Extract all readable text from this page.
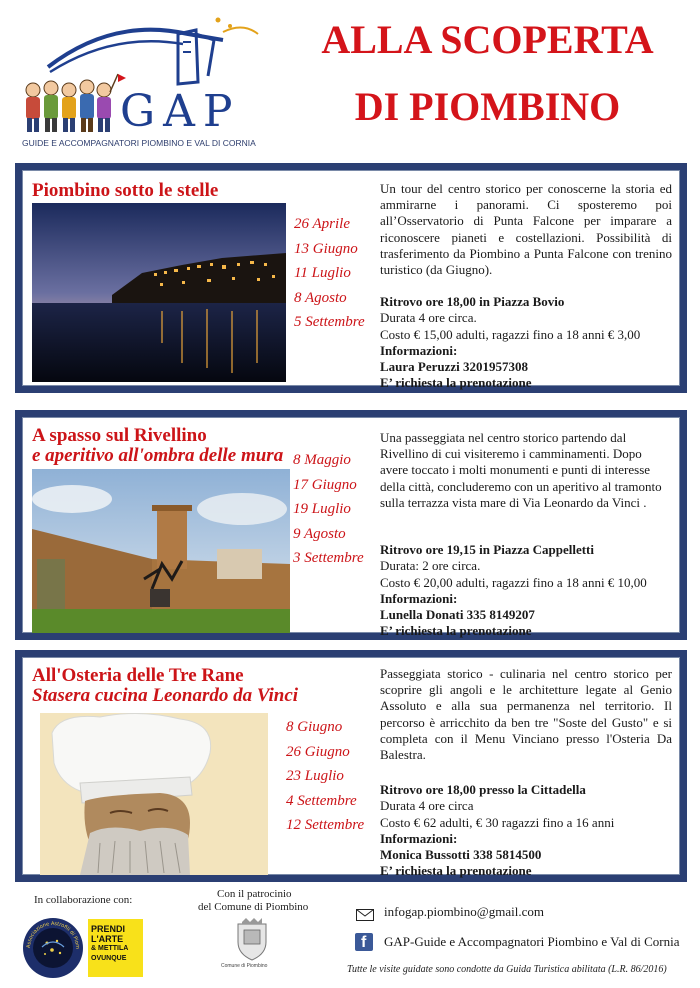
GAP
GUIDE E ACCOMPAGNATORI PIOMBINO E VAL DI CORNIA
ALLA SCOPERTA
DI PIOMBINO
Piombino sotto le stelle
26 Aprile
13 Giugno
11 Luglio
8 Agosto
5 Settembre
Un tour del centro storico per conoscerne la storia ed ammirarne i panorami. Ci sposteremo poi all’Osservatorio di Punta Falcone per imparare a riconoscere pianeti e costellazioni. Possibilità di trasferimento da Piombino a Punta Falcone con trenino turistico (da Giugno).
Ritrovo ore 18,00 in Piazza Bovio
Durata 4 ore circa.
Costo € 15,00 adulti, ragazzi fino a 18 anni € 3,00
Informazioni:
Laura Peruzzi 3201957308
E’ richiesta la prenotazione
A spasso sul Rivellino
e aperitivo all'ombra delle mura 8 Maggio
17 Giugno
19 Luglio
9 Agosto
3 Settembre
Una passeggiata nel centro storico partendo dal Rivellino di cui visiteremo i camminamenti. Dopo avere toccato i molti monumenti e punti di interesse della città, concluderemo con un aperitivo al tramonto sulla terrazza vista mare di Via Leonardo da Vinci .
Ritrovo ore 19,15 in Piazza Cappelletti
Durata: 2 ore circa.
Costo € 20,00 adulti, ragazzi fino a 18 anni € 10,00
Informazioni:
Lunella Donati 335 8149207
E’ richiesta la prenotazione
All'Osteria delle Tre Rane
Stasera cucina Leonardo da Vinci
8 Giugno
26 Giugno
23 Luglio
4 Settembre
12 Settembre
Passeggiata storico - culinaria nel centro storico per scoprire gli angoli e le architetture legate al Genio Assoluto e alla sua permanenza nel territorio. Il percorso è arricchito da ben tre "Soste del Gusto" e si completa con il Menu Vinciano presso l'Osteria Da Balestra.
Ritrovo ore 18,00 presso la Cittadella
Durata 4 ore circa
Costo € 62 adulti, € 30 ragazzi fino a 16 anni
Informazioni:
Monica Bussotti 338 5814500
E’ richiesta la prenotazione
In collaborazione con:
Associazione Astrofili di Piom
PRENDI
L'ARTE
& METTILA
OVUNQUE
Con il patrocinio
del Comune di Piombino
Comune di Piombino
infogap.piombino@gmail.com
f GAP-Guide e Accompagnatori Piombino e Val di Cornia
Tutte le visite guidate sono condotte da Guida Turistica abilitata (L.R. 86/2016)
